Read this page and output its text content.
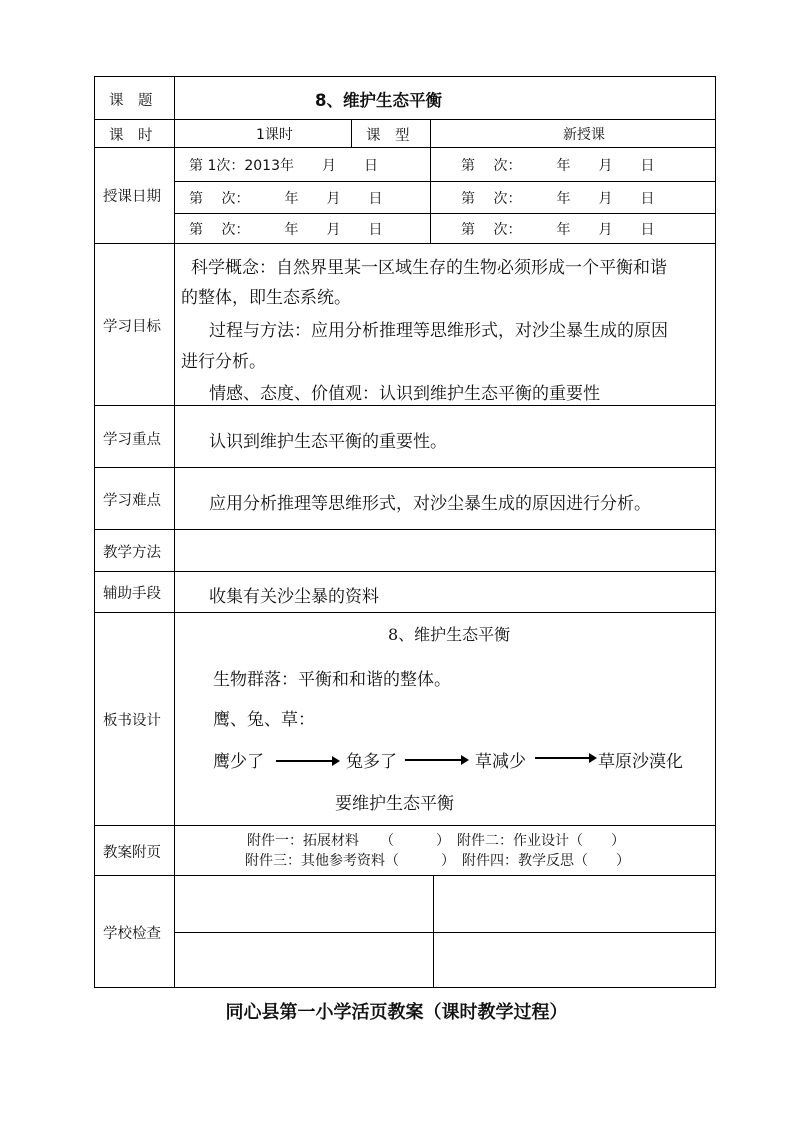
课　题	8、维护生态平衡
课　时	1课时	课　型	新授课
授课日期
第 1次：2013年　　月　　日	第　 次：　　　年　　月　　日
第　 次：　　　年　　月　　日	第　 次：　　　年　　月　　日
第　 次：　　　年　　月　　日	第　 次：　　　年　　月　　日
学习目标
科学概念：自然界里某一区域生存的生物必须形成一个平衡和谐
的整体，即生态系统。
过程与方法：应用分析推理等思维形式，对沙尘暴生成的原因
进行分析。
情感、态度、价值观：认识到维护生态平衡的重要性
学习重点	认识到维护生态平衡的重要性。
学习难点	应用分析推理等思维形式，对沙尘暴生成的原因进行分析。
教学方法
辅助手段	收集有关沙尘暴的资料
板书设计
8、维护生态平衡
生物群落：平衡和和谐的整体。
鹰、兔、草：
鹰少了	兔多了	草减少	草原沙漠化
要维护生态平衡
教案附页
附件一：拓展材料　　（　　　）　附件二：作业设计（　　）
附件三：其他参考资料（　　　）　附件四：教学反思（　　）
学校检查
同心县第一小学活页教案（课时教学过程）
